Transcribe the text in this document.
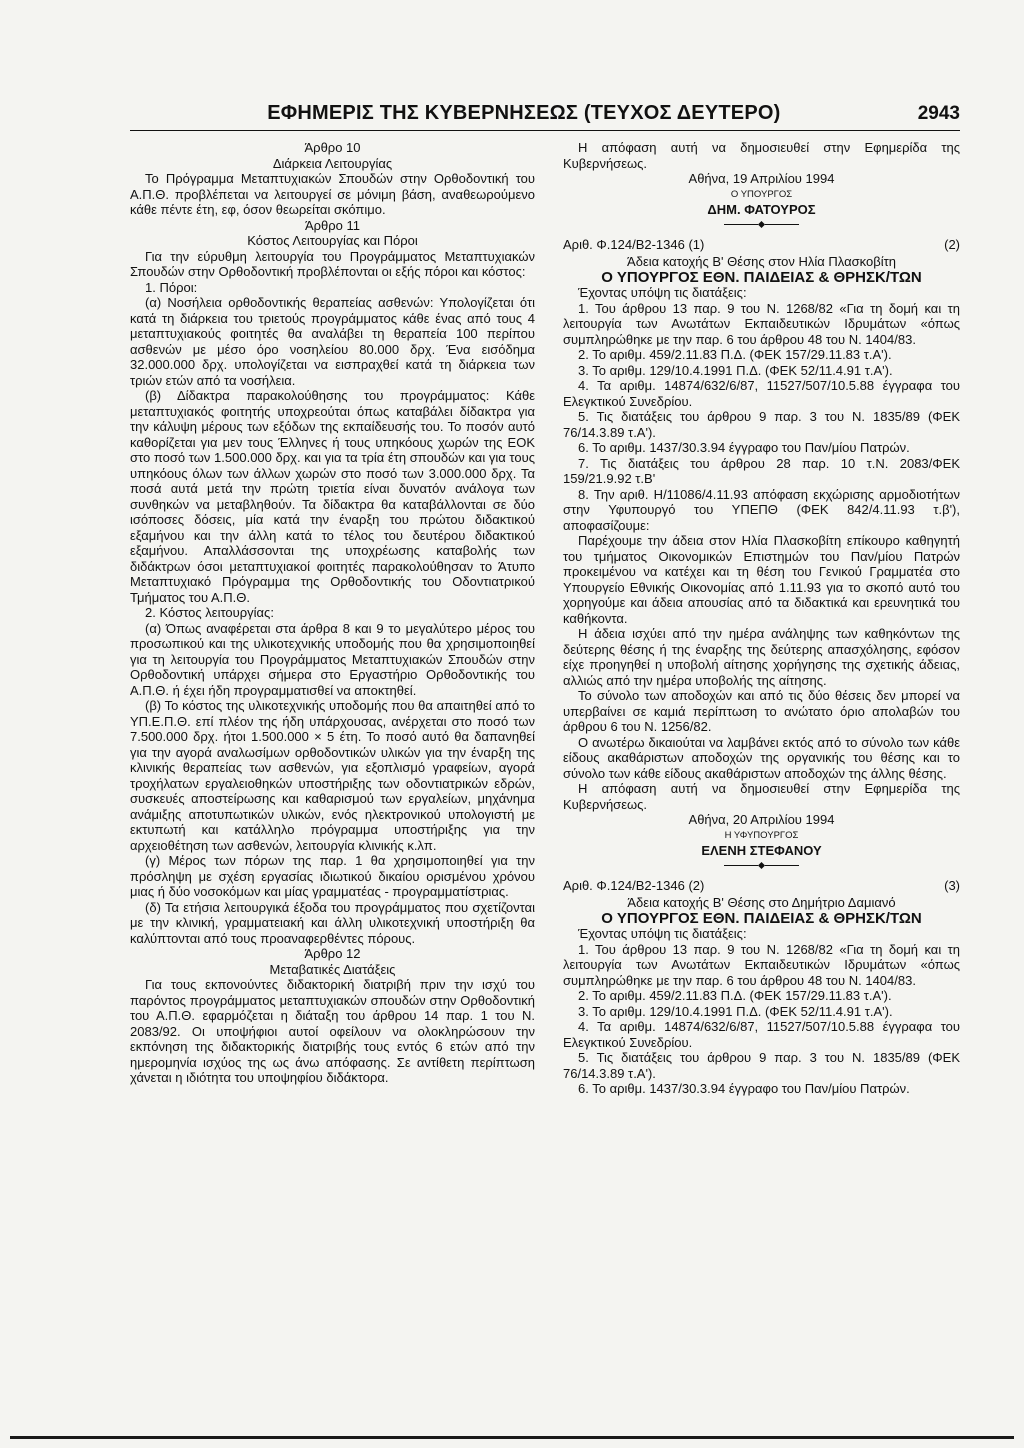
ΕΦΗΜΕΡΙΣ ΤΗΣ ΚΥΒΕΡΝΗΣΕΩΣ (ΤΕΥΧΟΣ ΔΕΥΤΕΡΟ)	2943

Άρθρο 10

Διάρκεια Λειτουργίας

Το Πρόγραμμα Μεταπτυχιακών Σπουδών στην Ορθοδοντική του Α.Π.Θ. προβλέπεται να λειτουργεί σε μόνιμη βάση, αναθεωρούμενο κάθε πέντε έτη, εφ, όσον θεωρείται σκόπιμο.

Άρθρο 11

Κόστος Λειτουργίας και Πόροι

Για την εύρυθμη λειτουργία του Προγράμματος Μεταπτυχιακών Σπουδών στην Ορθοδοντική προβλέπονται οι εξής πόροι και κόστος:

1. Πόροι:

(α) Νοσήλεια ορθοδοντικής θεραπείας ασθενών: Υπολογίζεται ότι κατά τη διάρκεια του τριετούς προγράμματος κάθε ένας από τους 4 μεταπτυχιακούς φοιτητές θα αναλάβει τη θεραπεία 100 περίπου ασθενών με μέσο όρο νοσηλείου 80.000 δρχ. Ένα εισόδημα 32.000.000 δρχ. υπολογίζεται να εισπραχθεί κατά τη διάρκεια των τριών ετών από τα νοσήλεια.

(β) Δίδακτρα παρακολούθησης του προγράμματος: Κάθε μεταπτυχιακός φοιτητής υποχρεούται όπως καταβάλει δίδακτρα για την κάλυψη μέρους των εξόδων της εκπαίδευσής του. Το ποσόν αυτό καθορίζεται για μεν τους Έλληνες ή τους υπηκόους χωρών της ΕΟΚ στο ποσό των 1.500.000 δρχ. και για τα τρία έτη σπουδών και για τους υπηκόους όλων των άλλων χωρών στο ποσό των 3.000.000 δρχ. Τα ποσά αυτά μετά την πρώτη τριετία είναι δυνατόν ανάλογα των συνθηκών να μεταβληθούν. Τα δίδακτρα θα καταβάλλονται σε δύο ισόποσες δόσεις, μία κατά την έναρξη του πρώτου διδακτικού εξαμήνου και την άλλη κατά το τέλος του δευτέρου διδακτικού εξαμήνου. Απαλλάσσονται της υποχρέωσης καταβολής των διδάκτρων όσοι μεταπτυχιακοί φοιτητές παρακολούθησαν το Άτυπο Μεταπτυχιακό Πρόγραμμα της Ορθοδοντικής του Οδοντιατρικού Τμήματος του Α.Π.Θ.

2. Κόστος λειτουργίας:

(α) Όπως αναφέρεται στα άρθρα 8 και 9 το μεγαλύτερο μέρος του προσωπικού και της υλικοτεχνικής υποδομής που θα χρησιμοποιηθεί για τη λειτουργία του Προγράμματος Μεταπτυχιακών Σπουδών στην Ορθοδοντική υπάρχει σήμερα στο Εργαστήριο Ορθοδοντικής του Α.Π.Θ. ή έχει ήδη προγραμματισθεί να αποκτηθεί.

(β) Το κόστος της υλικοτεχνικής υποδομής που θα απαιτηθεί από το ΥΠ.Ε.Π.Θ. επί πλέον της ήδη υπάρχουσας, ανέρχεται στο ποσό των 7.500.000 δρχ. ήτοι 1.500.000 × 5 έτη. Το ποσό αυτό θα δαπανηθεί για την αγορά αναλωσίμων ορθοδοντικών υλικών για την έναρξη της κλινικής θεραπείας των ασθενών, για εξοπλισμό γραφείων, αγορά τροχήλατων εργαλειοθηκών υποστήριξης των οδοντιατρικών εδρών, συσκευές αποστείρωσης και καθαρισμού των εργαλείων, μηχάνημα ανάμιξης αποτυπωτικών υλικών, ενός ηλεκτρονικού υπολογιστή με εκτυπωτή και κατάλληλο πρόγραμμα υποστήριξης για την αρχειοθέτηση των ασθενών, λειτουργία κλινικής κ.λπ.

(γ) Μέρος των πόρων της παρ. 1 θα χρησιμοποιηθεί για την πρόσληψη με σχέση εργασίας ιδιωτικού δικαίου ορισμένου χρόνου μιας ή δύο νοσοκόμων και μίας γραμματέας - προγραμματίστριας.

(δ) Τα ετήσια λειτουργικά έξοδα του προγράμματος που σχετίζονται με την κλινική, γραμματειακή και άλλη υλικοτεχνική υποστήριξη θα καλύπτονται από τους προαναφερθέντες πόρους.

Άρθρο 12

Μεταβατικές Διατάξεις

Για τους εκπονούντες διδακτορική διατριβή πριν την ισχύ του παρόντος προγράμματος μεταπτυχιακών σπουδών στην Ορθοδοντική του Α.Π.Θ. εφαρμόζεται η διάταξη του άρθρου 14 παρ. 1 του Ν. 2083/92. Οι υποψήφιοι αυτοί οφείλουν να ολοκληρώσουν την εκπόνηση της διδακτορικής διατριβής τους εντός 6 ετών από την ημερομηνία ισχύος της ως άνω απόφασης. Σε αντίθετη περίπτωση χάνεται η ιδιότητα του υποψηφίου διδάκτορα.

Η απόφαση αυτή να δημοσιευθεί στην Εφημερίδα της Κυβερνήσεως.

Αθήνα, 19 Απριλίου 1994

Ο ΥΠΟΥΡΓΟΣ

ΔΗΜ. ΦΑΤΟΥΡΟΣ

Αριθ. Φ.124/Β2-1346 (1)	(2)

Άδεια κατοχής Β' Θέσης στον Ηλία Πλασκοβίτη

Ο ΥΠΟΥΡΓΟΣ ΕΘΝ. ΠΑΙΔΕΙΑΣ & ΘΡΗΣΚ/ΤΩΝ

Έχοντας υπόψη τις διατάξεις:

1. Του άρθρου 13 παρ. 9 του Ν. 1268/82 «Για τη δομή και τη λειτουργία των Ανωτάτων Εκπαιδευτικών Ιδρυμάτων «όπως συμπληρώθηκε με την παρ. 6 του άρθρου 48 του Ν. 1404/83.

2. Το αριθμ. 459/2.11.83 Π.Δ. (ΦΕΚ 157/29.11.83 τ.Α').

3. Το αριθμ. 129/10.4.1991 Π.Δ. (ΦΕΚ 52/11.4.91 τ.Α').

4. Τα αριθμ. 14874/632/6/87, 11527/507/10.5.88 έγγραφα του Ελεγκτικού Συνεδρίου.

5. Τις διατάξεις του άρθρου 9 παρ. 3 του Ν. 1835/89 (ΦΕΚ 76/14.3.89 τ.Α').

6. Το αριθμ. 1437/30.3.94 έγγραφο του Παν/μίου Πατρών.

7. Τις διατάξεις του άρθρου 28 παρ. 10 τ.Ν. 2083/ΦΕΚ 159/21.9.92 τ.Β'

8. Την αριθ. Η/11086/4.11.93 απόφαση εκχώρισης αρμοδιοτήτων στην Υφυπουργό του ΥΠΕΠΘ (ΦΕΚ 842/4.11.93 τ.β'), αποφασίζουμε:

Παρέχουμε την άδεια στον Ηλία Πλασκοβίτη επίκουρο καθηγητή του τμήματος Οικονομικών Επιστημών του Παν/μίου Πατρών προκειμένου να κατέχει και τη θέση του Γενικού Γραμματέα στο Υπουργείο Εθνικής Οικονομίας από 1.11.93 για το σκοπό αυτό του χορηγούμε και άδεια απουσίας από τα διδακτικά και ερευνητικά του καθήκοντα.

Η άδεια ισχύει από την ημέρα ανάληψης των καθηκόντων της δεύτερης θέσης ή της έναρξης της δεύτερης απασχόλησης, εφόσον είχε προηγηθεί η υποβολή αίτησης χορήγησης της σχετικής άδειας, αλλιώς από την ημέρα υποβολής της αίτησης.

Το σύνολο των αποδοχών και από τις δύο θέσεις δεν μπορεί να υπερβαίνει σε καμιά περίπτωση το ανώτατο όριο απολαβών του άρθρου 6 του Ν. 1256/82.

Ο ανωτέρω δικαιούται να λαμβάνει εκτός από το σύνολο των κάθε είδους ακαθάριστων αποδοχών της οργανικής του θέσης και το σύνολο των κάθε είδους ακαθάριστων αποδοχών της άλλης θέσης.

Η απόφαση αυτή να δημοσιευθεί στην Εφημερίδα της Κυβερνήσεως.

Αθήνα, 20 Απριλίου 1994

Η ΥΦΥΠΟΥΡΓΟΣ

ΕΛΕΝΗ ΣΤΕΦΑΝΟΥ

Αριθ. Φ.124/Β2-1346 (2)	(3)

Άδεια κατοχής Β' Θέσης στο Δημήτριο Δαμιανό

Ο ΥΠΟΥΡΓΟΣ ΕΘΝ. ΠΑΙΔΕΙΑΣ & ΘΡΗΣΚ/ΤΩΝ

Έχοντας υπόψη τις διατάξεις:

1. Του άρθρου 13 παρ. 9 του Ν. 1268/82 «Για τη δομή και τη λειτουργία των Ανωτάτων Εκπαιδευτικών Ιδρυμάτων «όπως συμπληρώθηκε με την παρ. 6 του άρθρου 48 του Ν. 1404/83.

2. Το αριθμ. 459/2.11.83 Π.Δ. (ΦΕΚ 157/29.11.83 τ.Α').

3. Το αριθμ. 129/10.4.1991 Π.Δ. (ΦΕΚ 52/11.4.91 τ.Α').

4. Τα αριθμ. 14874/632/6/87, 11527/507/10.5.88 έγγραφα του Ελεγκτικού Συνεδρίου.

5. Τις διατάξεις του άρθρου 9 παρ. 3 του Ν. 1835/89 (ΦΕΚ 76/14.3.89 τ.Α').

6. Το αριθμ. 1437/30.3.94 έγγραφο του Παν/μίου Πατρών.
